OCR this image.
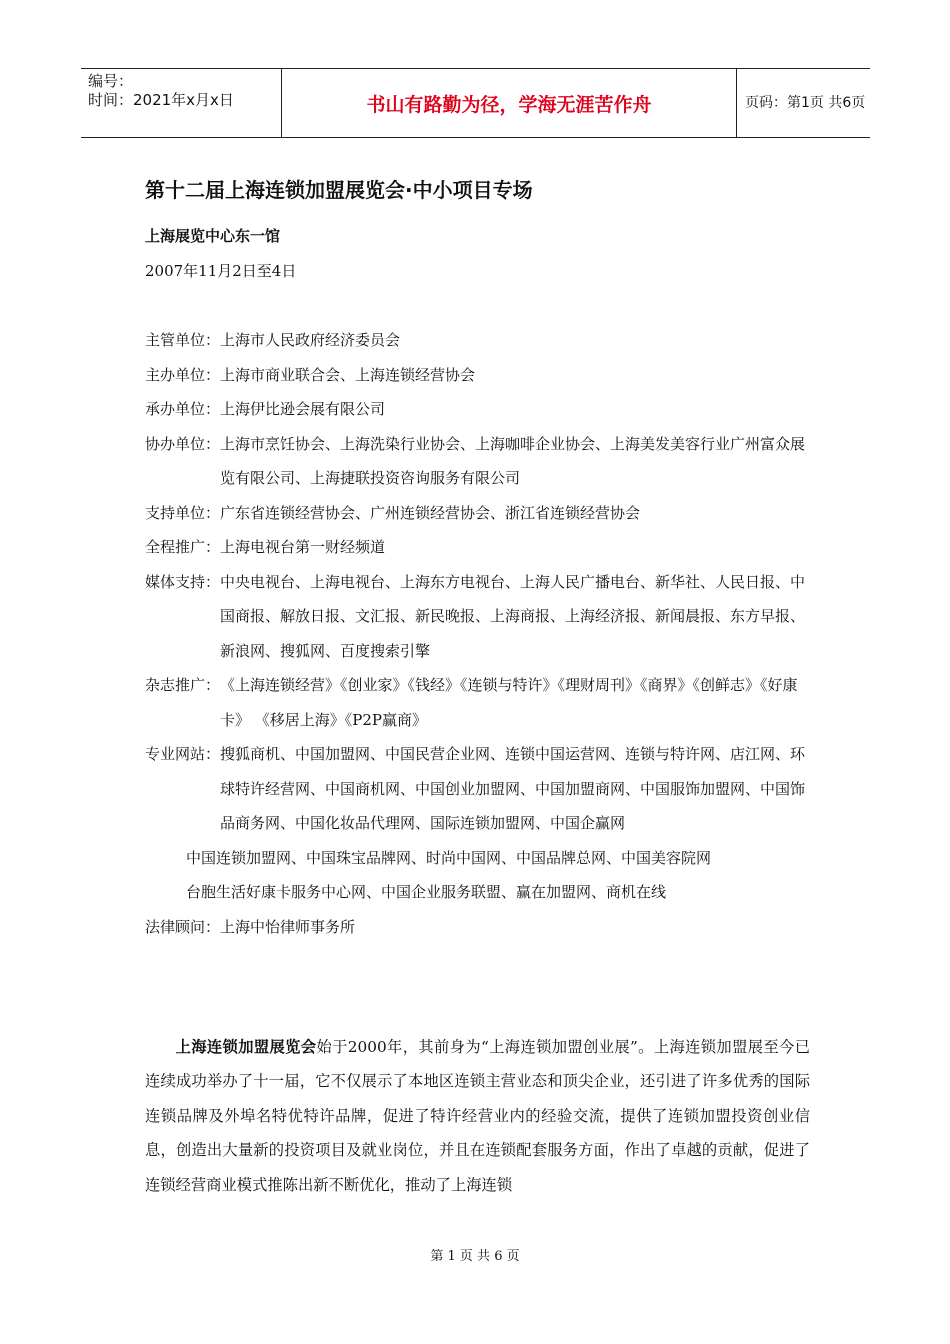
编号：
时间：2021年x月x日	书山有路勤为径，学海无涯苦作舟	页码：第1页 共6页
第十二届上海连锁加盟展览会·中小项目专场
上海展览中心东一馆
2007年11月2日至4日
主管单位： 上海市人民政府经济委员会
主办单位： 上海市商业联合会、上海连锁经营协会
承办单位： 上海伊比逊会展有限公司
协办单位： 上海市烹饪协会、上海洗染行业协会、上海咖啡企业协会、上海美发美容行业广州富众展览有限公司、上海捷联投资咨询服务有限公司
支持单位： 广东省连锁经营协会、广州连锁经营协会、浙江省连锁经营协会
全程推广： 上海电视台第一财经频道
媒体支持： 中央电视台、上海电视台、上海东方电视台、上海人民广播电台、新华社、人民日报、中国商报、解放日报、文汇报、新民晚报、上海商报、上海经济报、新闻晨报、东方早报、新浪网、搜狐网、百度搜索引擎
杂志推广： 《上海连锁经营》《创业家》《钱经》《连锁与特许》《理财周刊》《商界》《创鲜志》《好康卡》 《移居上海》《P2P赢商》
专业网站： 搜狐商机、中国加盟网、中国民营企业网、连锁中国运营网、连锁与特许网、店江网、环球特许经营网、中国商机网、中国创业加盟网、中国加盟商网、中国服饰加盟网、中国饰品商务网、中国化妆品代理网、国际连锁加盟网、中国企赢网
中国连锁加盟网、中国珠宝品牌网、时尚中国网、中国品牌总网、中国美容院网
台胞生活好康卡服务中心网、中国企业服务联盟、赢在加盟网、商机在线
法律顾问： 上海中怡律师事务所
上海连锁加盟展览会始于2000年，其前身为“上海连锁加盟创业展”。上海连锁加盟展至今已连续成功举办了十一届，它不仅展示了本地区连锁主营业态和顶尖企业，还引进了许多优秀的国际连锁品牌及外埠名特优特许品牌，促进了特许经营业内的经验交流，提供了连锁加盟投资创业信息，创造出大量新的投资项目及就业岗位，并且在连锁配套服务方面，作出了卓越的贡献，促进了连锁经营商业模式推陈出新不断优化，推动了上海连锁
第 1 页 共 6 页
